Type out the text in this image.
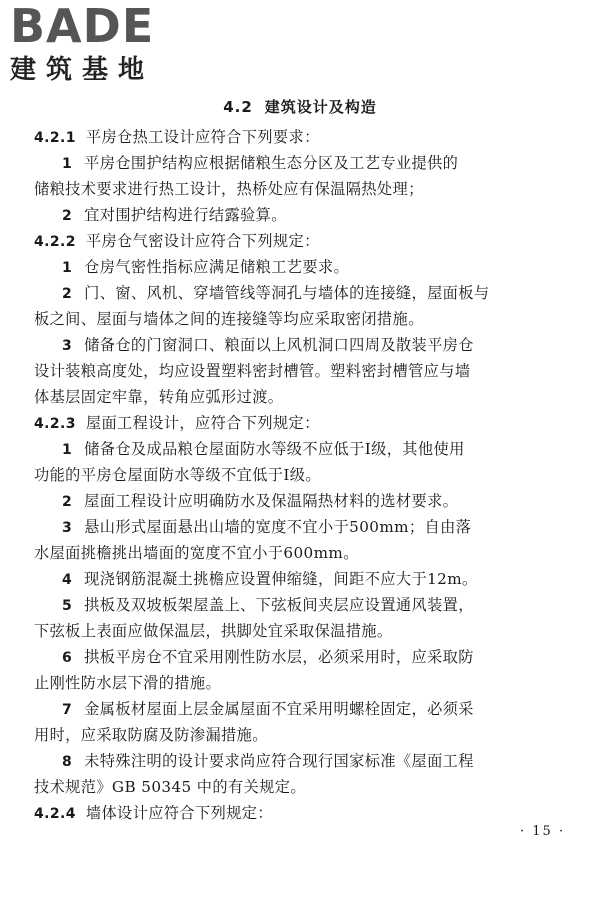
BADE
建筑基地
4.2 建筑设计及构造
4.2.1 平房仓热工设计应符合下列要求：
1 平房仓围护结构应根据储粮生态分区及工艺专业提供的
储粮技术要求进行热工设计，热桥处应有保温隔热处理；
2 宜对围护结构进行结露验算。
4.2.2 平房仓气密设计应符合下列规定：
1 仓房气密性指标应满足储粮工艺要求。
2 门、窗、风机、穿墙管线等洞孔与墙体的连接缝，屋面板与
板之间、屋面与墙体之间的连接缝等均应采取密闭措施。
3 储备仓的门窗洞口、粮面以上风机洞口四周及散装平房仓
设计装粮高度处，均应设置塑料密封槽管。塑料密封槽管应与墙
体基层固定牢靠，转角应弧形过渡。
4.2.3 屋面工程设计，应符合下列规定：
1 储备仓及成品粮仓屋面防水等级不应低于Ⅰ级，其他使用
功能的平房仓屋面防水等级不宜低于Ⅰ级。
2 屋面工程设计应明确防水及保温隔热材料的选材要求。
3 悬山形式屋面悬出山墙的宽度不宜小于500mm；自由落
水屋面挑檐挑出墙面的宽度不宜小于600mm。
4 现浇钢筋混凝土挑檐应设置伸缩缝，间距不应大于12m。
5 拱板及双坡板架屋盖上、下弦板间夹层应设置通风装置，
下弦板上表面应做保温层，拱脚处宜采取保温措施。
6 拱板平房仓不宜采用刚性防水层，必须采用时，应采取防
止刚性防水层下滑的措施。
7 金属板材屋面上层金属屋面不宜采用明螺栓固定，必须采
用时，应采取防腐及防渗漏措施。
8 未特殊注明的设计要求尚应符合现行国家标准《屋面工程
技术规范》GB 50345 中的有关规定。
4.2.4 墙体设计应符合下列规定：
· 15 ·
